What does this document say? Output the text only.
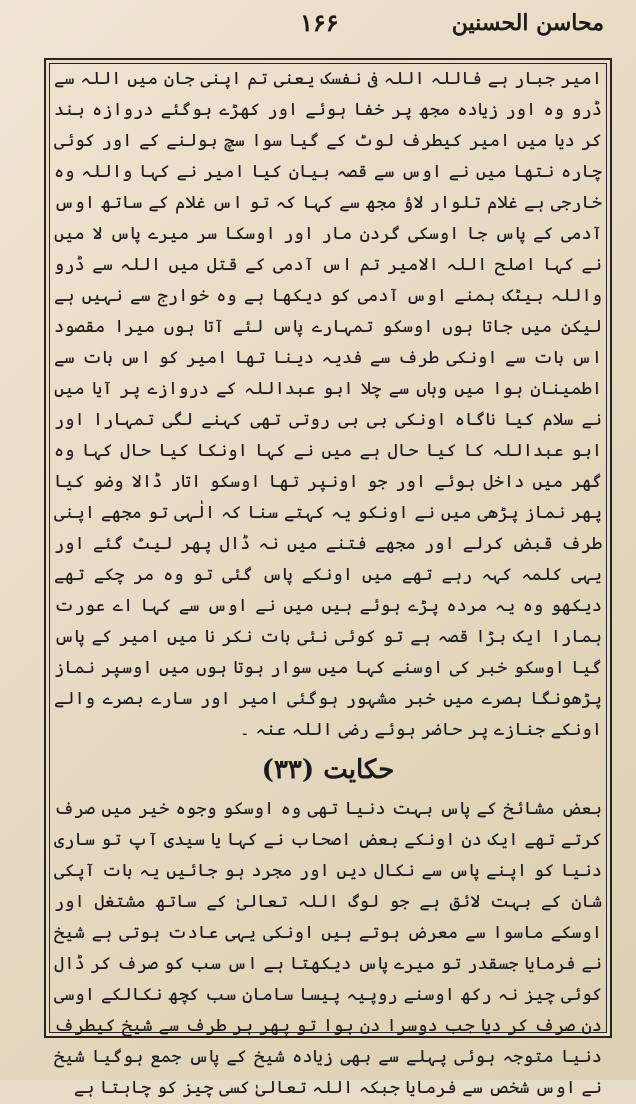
محاسن الحسنین
۱۶۶

امیر جبار ہے فاللہ اللہ فی نفسک یعنی تم اپنی جان میں اللہ سے ڈرو وہ اور زیادہ مجھ پر خفا ہوئے اور کھڑے ہوگئے دروازہ بند کر دیا میں امیر کیطرف لوٹ کے گیا سوا سچ بولنے کے اور کوئی چارہ نتھا میں نے اوس سے قصہ بیان کیا امیر نے کہا واللہ وہ خارجی ہے غلام تلوار لاؤ مجھ سے کہا کہ تو اس غلام کے ساتھ اوس آدمی کے پاس جا اوسکی گردن مار اور اوسکا سر میرے پاس لا میں نے کہا اصلح اللہ الامیر تم اس آدمی کے قتل میں اللہ سے ڈرو واللہ بیٹک ہمنے اوس آدمی کو دیکھا ہے وہ خوارج سے نہیں ہے لیکن میں جاتا ہوں اوسکو تمہارے پاس لئے آتا ہوں میرا مقصود اس بات سے اونکی طرف سے فدیہ دینا تھا امیر کو اس بات سے اطمینان ہوا میں وہاں سے چلا ابو عبداللہ کے دروازے پر آیا میں نے سلام کیا ناگاہ اونکی بی بی روتی تھی کہنے لگی تمہارا اور ابو عبداللہ کا کیا حال ہے میں نے کہا اونکا کیا حال کہا وہ گھر میں داخل ہوئے اور جو اونپر تھا اوسکو اتار ڈالا وضو کیا پھر نماز پڑھی میں نے اونکو یہ کہتے سنا کہ الٰہی تو مجھے اپنی طرف قبض کرلے اور مجھے فتنے میں نہ ڈال پھر لیٹ گئے اور یہی کلمہ کہہ رہے تھے میں اونکے پاس گئی تو وہ مر چکے تھے دیکھو وہ یہ مردہ پڑے ہوئے ہیں میں نے اوس سے کہا اے عورت ہمارا ایک بڑا قصہ ہے تو کوئی نئی بات نکر نا میں امیر کے پاس گیا اوسکو خبر کی اوسنے کہا میں سوار ہوتا ہوں میں اوسپر نماز پڑھونگا بصرے میں خبر مشہور ہوگئی امیر اور سارے بصرے والے اونکے جنازے پر حاضر ہوئے رضی اللہ عنہ ۔

حکایت (۳۳)

بعض مشائخ کے پاس بہت دنیا تھی وہ اوسکو وجوہ خیر میں صرف کرتے تھے ایک دن اونکے بعض اصحاب نے کہا یا سیدی آپ تو ساری دنیا کو اپنے پاس سے نکال دیں اور مجرد ہو جائیں یہ بات آپکی شان کے بہت لائق ہے جو لوگ اللہ تعالیٰ کے ساتھ مشتغل اور اوسکے ماسوا سے معرض ہوتے ہیں اونکی یہی عادت ہوتی ہے شیخ نے فرمایا جسقدر تو میرے پاس دیکھتا ہے اس سب کو صرف کر ڈال کوئی چیز نہ رکھ اوسنے روپیہ پیسا سامان سب کچھ نکالکے اوسی دن صرف کر دیا جب دوسرا دن ہوا تو پھر ہر طرف سے شیخ کیطرف دنیا متوجہ ہوئی پہلے سے بھی زیادہ شیخ کے پاس جمع ہوگیا شیخ نے اوس شخص سے فرمایا جبکہ اللہ تعالیٰ کسی چیز کو چاہتا ہے
